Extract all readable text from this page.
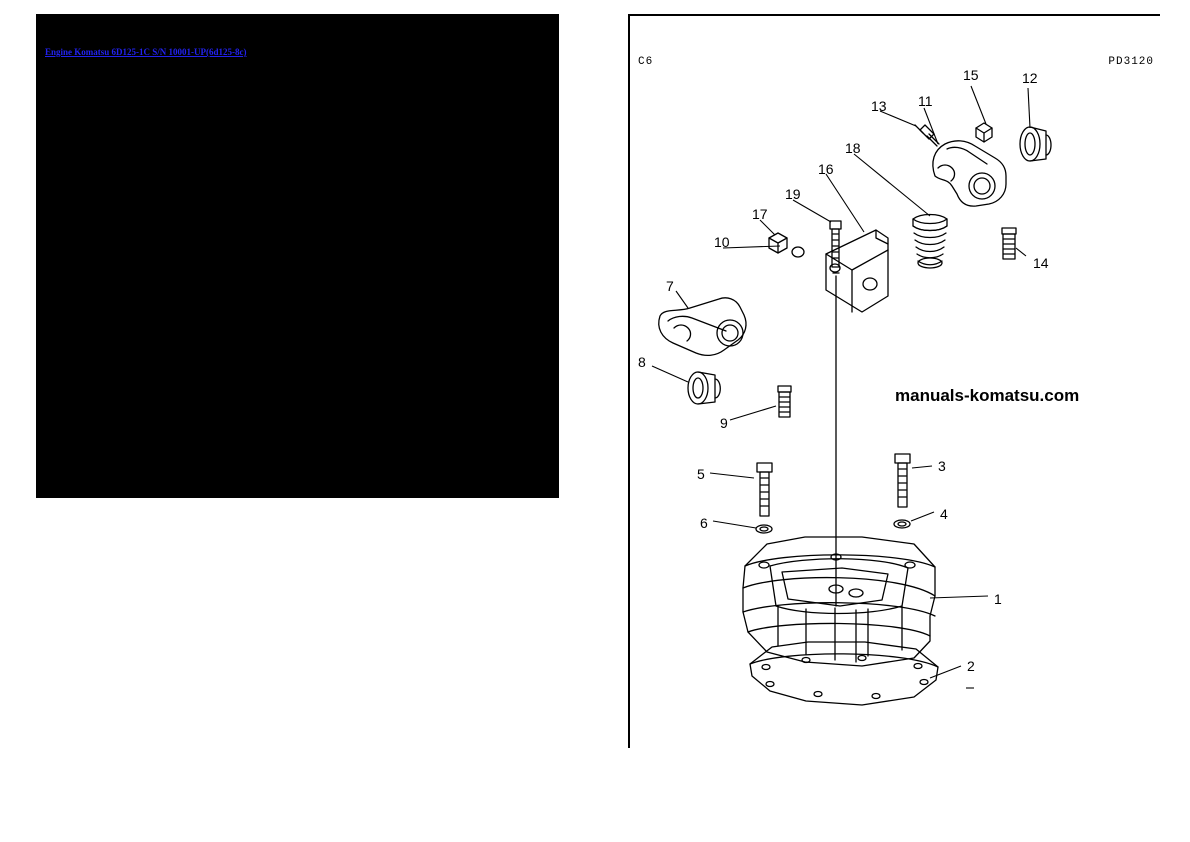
Engine Komatsu 6D125-1C S/N 10001-UP(6d125-8c)
C6	PD3120
manuals-komatsu.com
15	12
13 11
18
16
19
17
14
10
7
8
9
5	3
6
4
1
2
